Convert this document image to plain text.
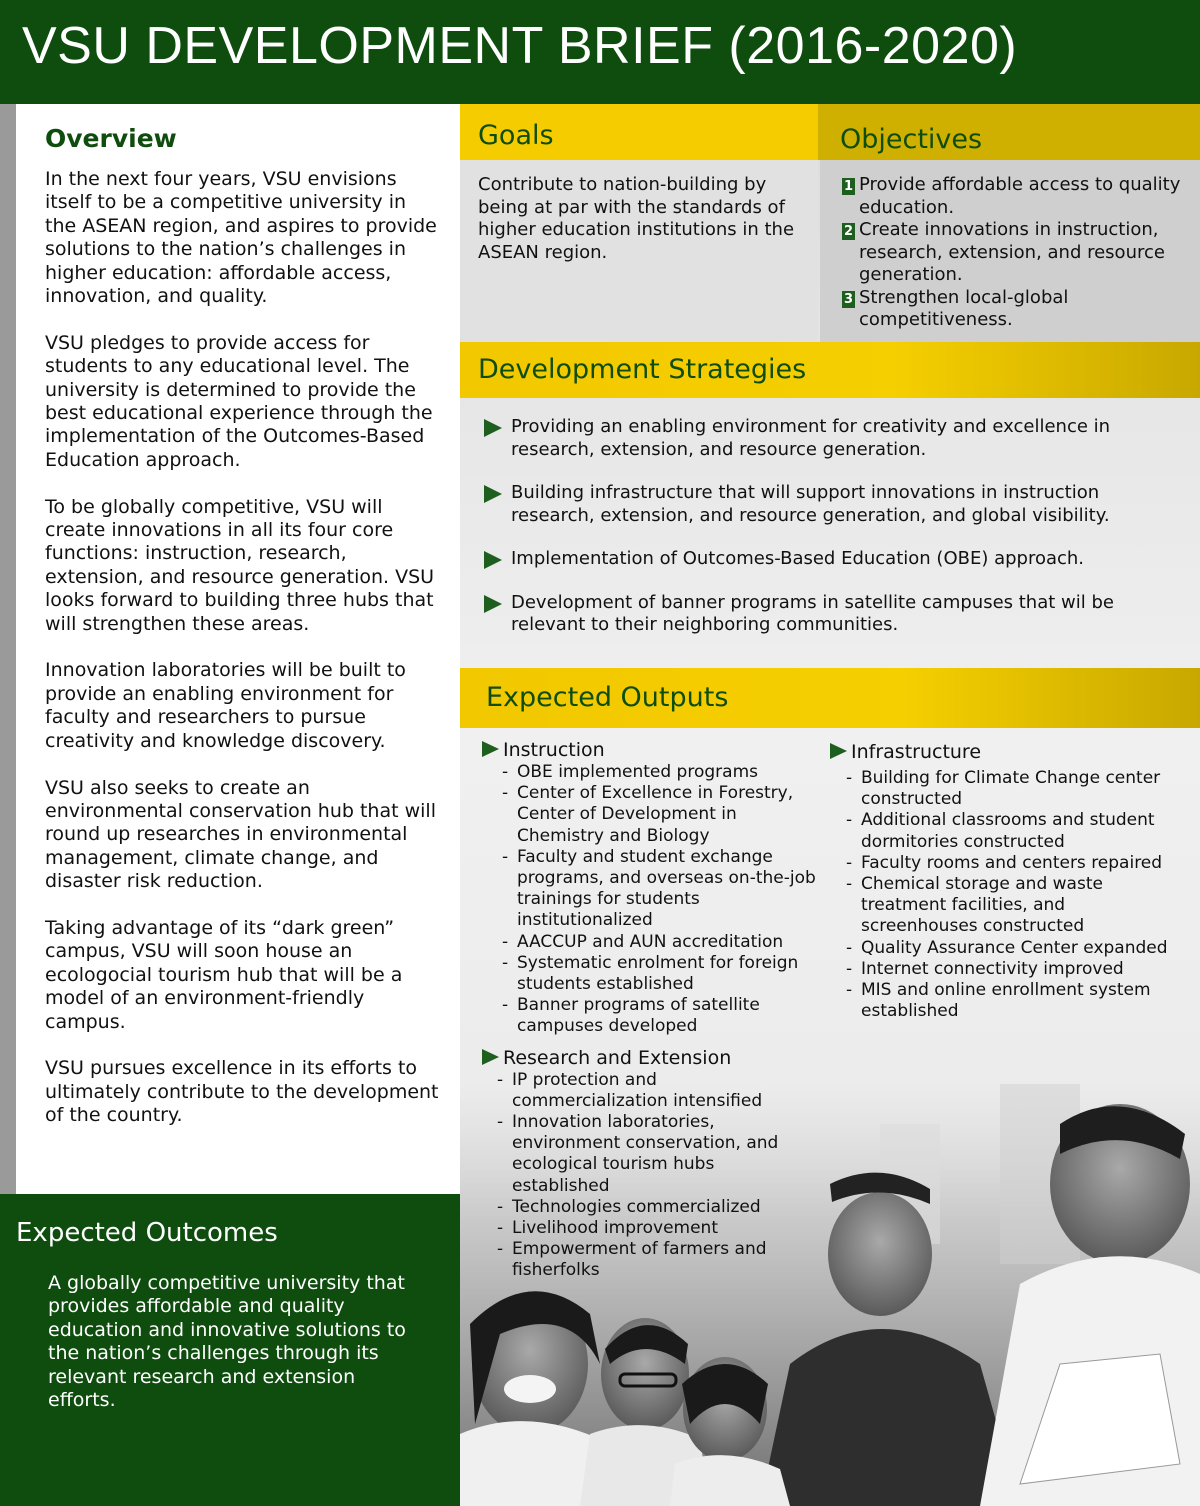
VSU DEVELOPMENT BRIEF (2016-2020)
Goals	Objectives
Contribute to nation-building by being at par with the standards of higher education institutions in the ASEAN region.
1 Provide affordable access to quality education.
2 Create innovations in instruction, research, extension, and resource generation.
3 Strengthen local-global competitiveness.
Development Strategies
Providing an enabling environment for creativity and excellence in research, extension, and resource generation.
Building infrastructure that will support innovations in instruction research, extension, and resource generation, and global visibility.
Implementation of Outcomes-Based Education (OBE) approach.
Development of banner programs in satellite campuses that wil be relevant to their neighboring communities.
Expected Outputs
Instruction
- OBE implemented programs
- Center of Excellence in Forestry, Center of Development in Chemistry and Biology
- Faculty and student exchange programs, and overseas on-the-job trainings for students institutionalized
- AACCUP and AUN accreditation
- Systematic enrolment for foreign students established
- Banner programs of satellite campuses developed
Research and Extension
- IP protection and commercialization intensified
- Innovation laboratories, environment conservation, and ecological tourism hubs established
- Technologies commercialized
- Livelihood improvement
- Empowerment of farmers and fisherfolks
Infrastructure
- Building for Climate Change center constructed
- Additional classrooms and student dormitories constructed
- Faculty rooms and centers repaired
- Chemical storage and waste treatment facilities, and screenhouses constructed
- Quality Assurance Center expanded
- Internet connectivity improved
- MIS and online enrollment system established
Overview

In the next four years, VSU envisions itself to be a competitive university in the ASEAN region, and aspires to provide solutions to the nation’s challenges in higher education: affordable access, innovation, and quality.

VSU pledges to provide access for students to any educational level. The university is determined to provide the best educational experience through the implementation of the Outcomes-Based Education approach.

To be globally competitive, VSU will create innovations in all its four core functions: instruction, research, extension, and resource generation. VSU looks forward to building three hubs that will strengthen these areas.

Innovation laboratories will be built to provide an enabling environment for faculty and researchers to pursue creativity and knowledge discovery.

VSU also seeks to create an environmental conservation hub that will round up researches in environmental management, climate change, and disaster risk reduction.

Taking advantage of its “dark green” campus, VSU will soon house an ecologocial tourism hub that will be a model of an environment-friendly campus.

VSU pursues excellence in its efforts to ultimately contribute to the development of the country.

Expected Outcomes
A globally competitive university that provides affordable and quality education and innovative solutions to the nation’s challenges through its relevant research and extension efforts.
